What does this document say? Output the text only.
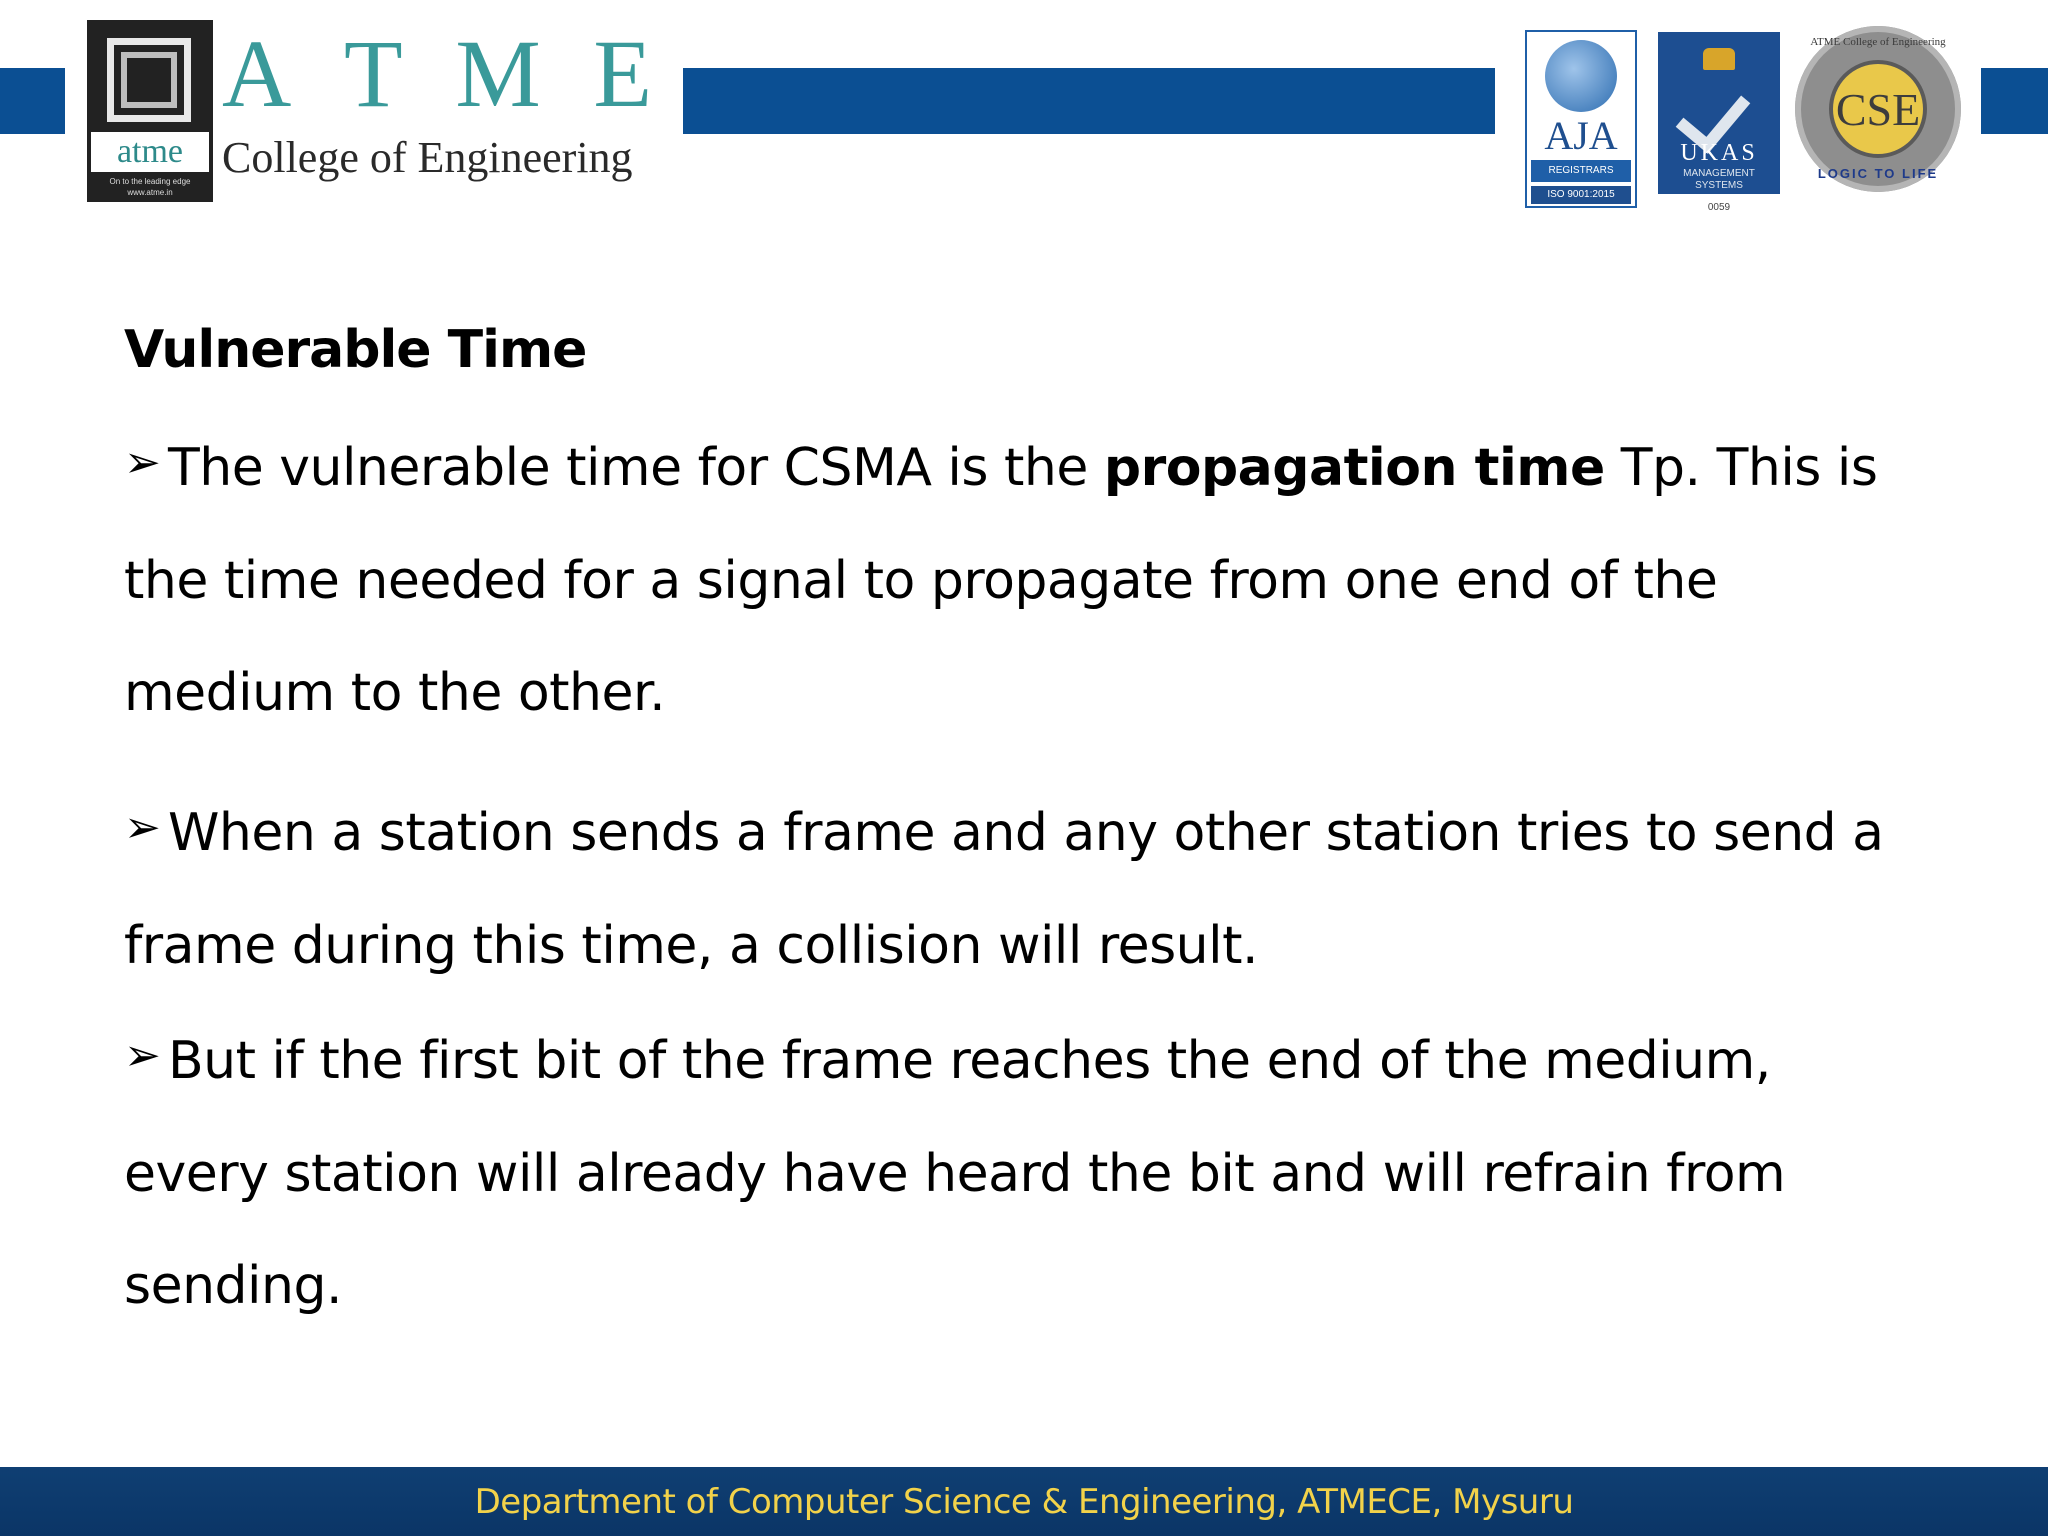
atme
On to the leading edge
www.atme.in
A T M E
College of Engineering	AJA
REGISTRARS
ISO 9001:2015
UKAS
MANAGEMENT SYSTEMS
0059
ATME College of Engineering
CSE
LOGIC TO LIFE
Vulnerable Time
➢ The vulnerable time for CSMA is the propagation time Tp. This is the time needed for a signal to propagate from one end of the medium to the other.
➢ When a station sends a frame and any other station tries to send a frame during this time, a collision will result.
➢ But if the first bit of the frame reaches the end of the medium, every station will already have heard the bit and will refrain from sending.
Department of Computer Science & Engineering, ATMECE, Mysuru
